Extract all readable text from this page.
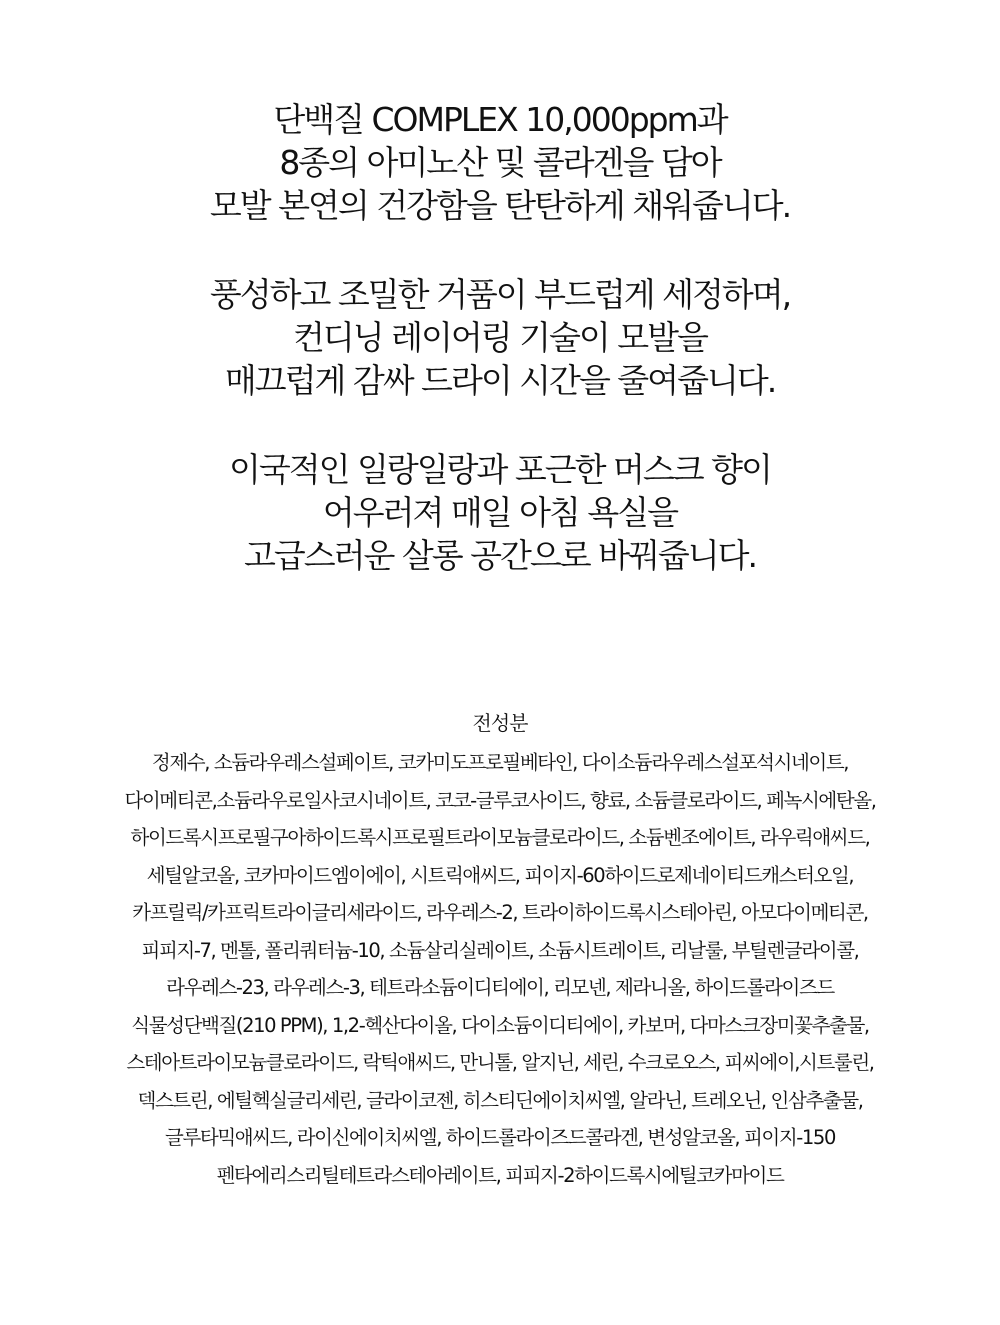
단백질 COMPLEX 10,000ppm과
8종의 아미노산 및 콜라겐을 담아
모발 본연의 건강함을 탄탄하게 채워줍니다.

풍성하고 조밀한 거품이 부드럽게 세정하며,
컨디닝 레이어링 기술이 모발을
매끄럽게 감싸 드라이 시간을 줄여줍니다.

이국적인 일랑일랑과 포근한 머스크 향이
어우러져 매일 아침 욕실을
고급스러운 살롱 공간으로 바꿔줍니다.

전성분
정제수, 소듐라우레스설페이트, 코카미도프로필베타인, 다이소듐라우레스설포석시네이트,
다이메티콘,소듐라우로일사코시네이트, 코코-글루코사이드, 향료, 소듐클로라이드, 페녹시에탄올,
하이드록시프로필구아하이드록시프로필트라이모늄클로라이드, 소듐벤조에이트, 라우릭애씨드,
세틸알코올, 코카마이드엠이에이, 시트릭애씨드, 피이지-60하이드로제네이티드캐스터오일,
카프릴릭/카프릭트라이글리세라이드, 라우레스-2, 트라이하이드록시스테아린, 아모다이메티콘,
피피지-7, 멘톨, 폴리쿼터늄-10, 소듐살리실레이트, 소듐시트레이트, 리날룰, 부틸렌글라이콜,
라우레스-23, 라우레스-3, 테트라소듐이디티에이, 리모넨, 제라니올, 하이드롤라이즈드
식물성단백질(210 PPM), 1,2-헥산다이올, 다이소듐이디티에이, 카보머, 다마스크장미꽃추출물,
스테아트라이모늄클로라이드, 락틱애씨드, 만니톨, 알지닌, 세린, 수크로오스, 피씨에이,시트룰린,
덱스트린, 에틸헥실글리세린, 글라이코젠, 히스티딘에이치씨엘, 알라닌, 트레오닌, 인삼추출물,
글루타믹애씨드, 라이신에이치씨엘, 하이드롤라이즈드콜라겐, 변성알코올, 피이지-150
펜타에리스리틸테트라스테아레이트, 피피지-2하이드록시에틸코카마이드
